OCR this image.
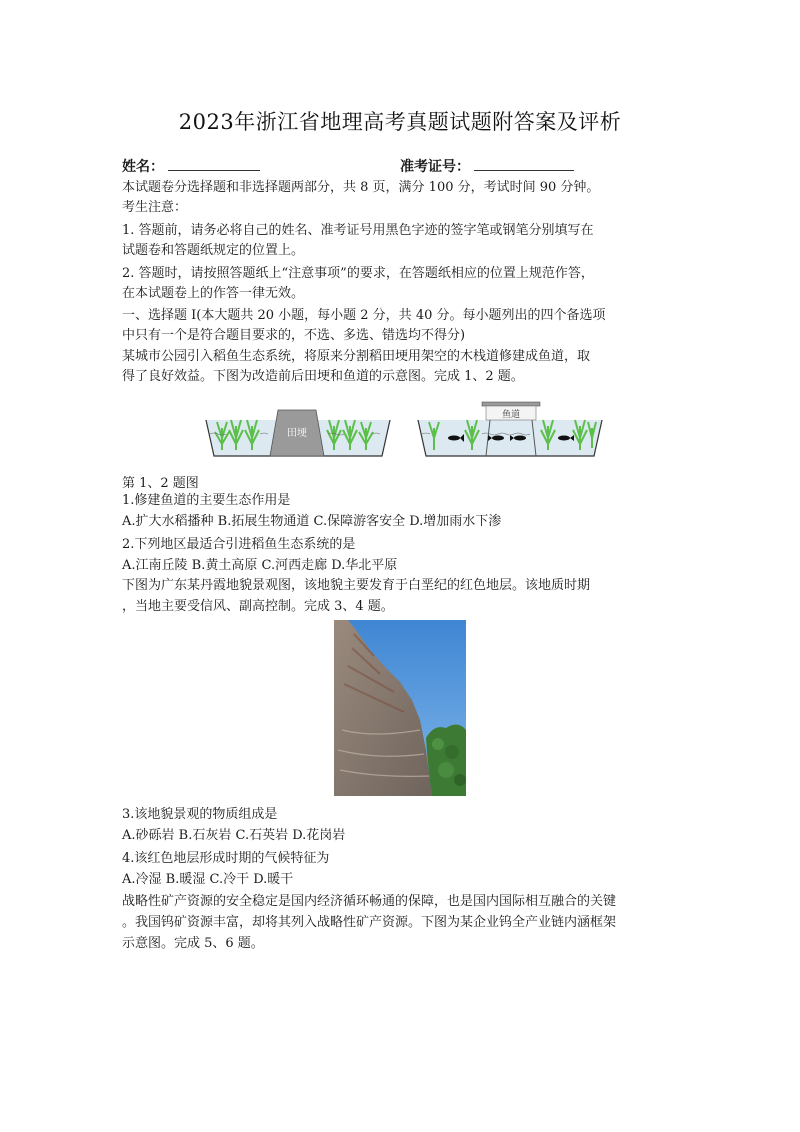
2023年浙江省地理高考真题试题附答案及评析
姓名：	准考证号：
本试题卷分选择题和非选择题两部分，共 8 页，满分 100 分，考试时间 90 分钟。
考生注意：
1. 答题前，请务必将自己的姓名、准考证号用黑色字迹的签字笔或钢笔分别填写在
试题卷和答题纸规定的位置上。
2. 答题时，请按照答题纸上“注意事项”的要求，在答题纸相应的位置上规范作答，
在本试题卷上的作答一律无效。
一、选择题 I(本大题共 20 小题，每小题 2 分，共 40 分。每小题列出的四个备选项
中只有一个是符合题目要求的，不选、多选、错选均不得分)
某城市公园引入稻鱼生态系统，将原来分割稻田埂用架空的木栈道修建成鱼道，取
得了良好效益。下图为改造前后田埂和鱼道的示意图。完成 1、2 题。
田埂
鱼道
第 1、2 题图
1.修建鱼道的主要生态作用是
A.扩大水稻播种 B.拓展生物通道 C.保障游客安全 D.增加雨水下渗
2.下列地区最适合引进稻鱼生态系统的是
A.江南丘陵 B.黄土高原 C.河西走廊 D.华北平原
下图为广东某丹霞地貌景观图，该地貌主要发育于白垩纪的红色地层。该地质时期
，当地主要受信风、副高控制。完成 3、4 题。
3.该地貌景观的物质组成是
A.砂砾岩 B.石灰岩 C.石英岩 D.花岗岩
4.该红色地层形成时期的气候特征为
A.冷湿 B.暖湿 C.冷干 D.暖干
战略性矿产资源的安全稳定是国内经济循环畅通的保障，也是国内国际相互融合的关键
。我国钨矿资源丰富，却将其列入战略性矿产资源。下图为某企业钨全产业链内涵框架
示意图。完成 5、6 题。
